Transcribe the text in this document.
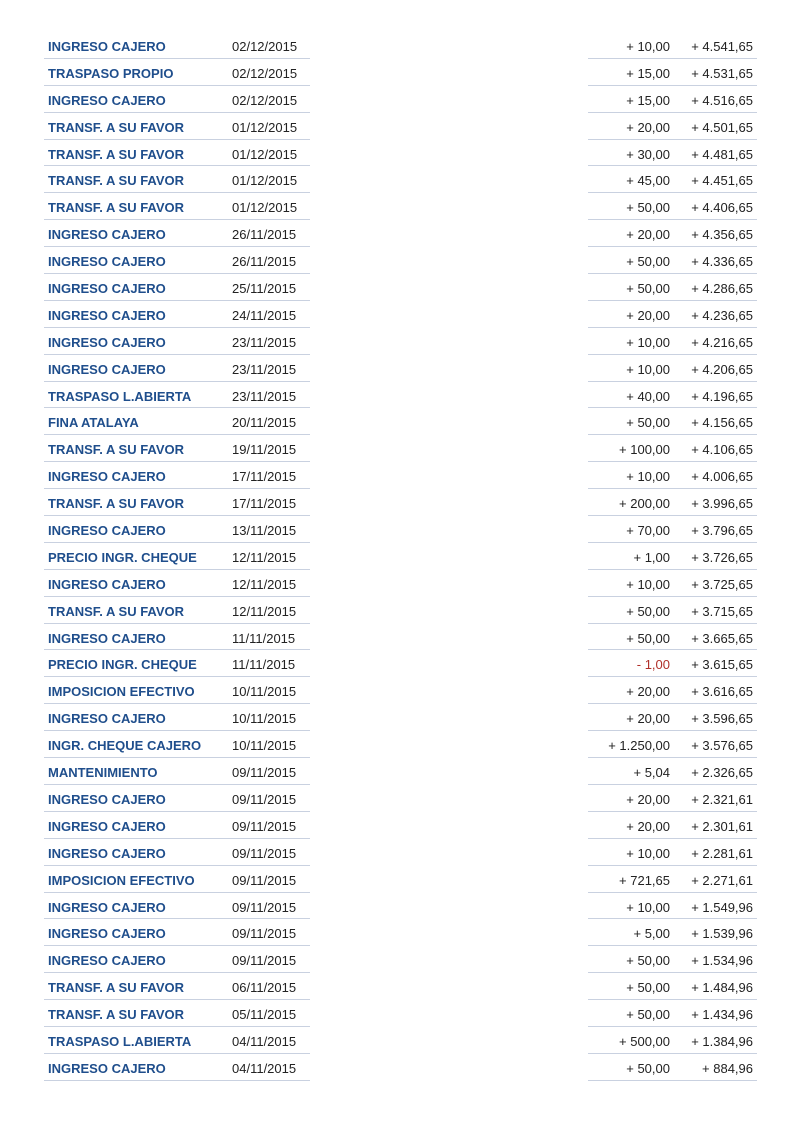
INGRESO CAJERO	02/12/2015	+ 10,00 + 4.541,65
TRASPASO PROPIO	02/12/2015	+ 15,00 + 4.531,65
INGRESO CAJERO	02/12/2015	+ 15,00 + 4.516,65
TRANSF. A SU FAVOR	01/12/2015	+ 20,00 + 4.501,65
TRANSF. A SU FAVOR	01/12/2015	+ 30,00 + 4.481,65
TRANSF. A SU FAVOR	01/12/2015	+ 45,00 + 4.451,65
TRANSF. A SU FAVOR	01/12/2015	+ 50,00 + 4.406,65
INGRESO CAJERO	26/11/2015	+ 20,00 + 4.356,65
INGRESO CAJERO	26/11/2015	+ 50,00 + 4.336,65
INGRESO CAJERO	25/11/2015	+ 50,00 + 4.286,65
INGRESO CAJERO	24/11/2015	+ 20,00 + 4.236,65
INGRESO CAJERO	23/11/2015	+ 10,00 + 4.216,65
INGRESO CAJERO	23/11/2015	+ 10,00 + 4.206,65
TRASPASO L.ABIERTA	23/11/2015	+ 40,00 + 4.196,65
FINA ATALAYA	20/11/2015	+ 50,00 + 4.156,65
TRANSF. A SU FAVOR	19/11/2015	+ 100,00 + 4.106,65
INGRESO CAJERO	17/11/2015	+ 10,00 + 4.006,65
TRANSF. A SU FAVOR	17/11/2015	+ 200,00 + 3.996,65
INGRESO CAJERO	13/11/2015	+ 70,00 + 3.796,65
PRECIO INGR. CHEQUE	12/11/2015	+ 1,00 + 3.726,65
INGRESO CAJERO	12/11/2015	+ 10,00 + 3.725,65
TRANSF. A SU FAVOR	12/11/2015	+ 50,00 + 3.715,65
INGRESO CAJERO	11/11/2015	+ 50,00 + 3.665,65
PRECIO INGR. CHEQUE	11/11/2015	- 1,00 + 3.615,65
IMPOSICION EFECTIVO	10/11/2015	+ 20,00 + 3.616,65
INGRESO CAJERO	10/11/2015	+ 20,00 + 3.596,65
INGR. CHEQUE CAJERO 10/11/2015	+ 1.250,00 + 3.576,65
MANTENIMIENTO	09/11/2015	+ 5,04 + 2.326,65
INGRESO CAJERO	09/11/2015	+ 20,00 + 2.321,61
INGRESO CAJERO	09/11/2015	+ 20,00 + 2.301,61
INGRESO CAJERO	09/11/2015	+ 10,00 + 2.281,61
IMPOSICION EFECTIVO	09/11/2015	+ 721,65 + 2.271,61
INGRESO CAJERO	09/11/2015	+ 10,00 + 1.549,96
INGRESO CAJERO	09/11/2015	+ 5,00 + 1.539,96
INGRESO CAJERO	09/11/2015	+ 50,00 + 1.534,96
TRANSF. A SU FAVOR	06/11/2015	+ 50,00 + 1.484,96
TRANSF. A SU FAVOR	05/11/2015	+ 50,00 + 1.434,96
TRASPASO L.ABIERTA	04/11/2015	+ 500,00 + 1.384,96
INGRESO CAJERO	04/11/2015	+ 50,00 + 884,96
